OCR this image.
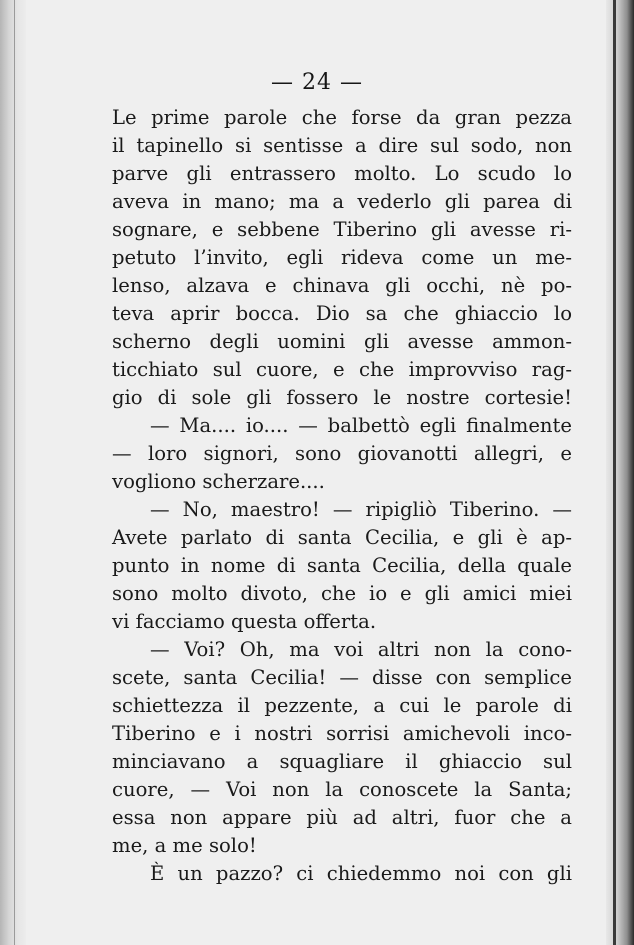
— 24 —
Le prime parole che forse da gran pezza
il tapinello si sentisse a dire sul sodo, non
parve gli entrassero molto. Lo scudo lo
aveva in mano; ma a vederlo gli parea di
sognare, e sebbene Tiberino gli avesse ri-
petuto l’invito, egli rideva come un me-
lenso, alzava e chinava gli occhi, nè po-
teva aprir bocca. Dio sa che ghiaccio lo
scherno degli uomini gli avesse ammon-
ticchiato sul cuore, e che improvviso rag-
gio di sole gli fossero le nostre cortesie!
— Ma.... io.... — balbettò egli finalmente
— loro signori, sono giovanotti allegri, e
vogliono scherzare....
— No, maestro! — ripigliò Tiberino. —
Avete parlato di santa Cecilia, e gli è ap-
punto in nome di santa Cecilia, della quale
sono molto divoto, che io e gli amici miei
vi facciamo questa offerta.
— Voi? Oh, ma voi altri non la cono-
scete, santa Cecilia! — disse con semplice
schiettezza il pezzente, a cui le parole di
Tiberino e i nostri sorrisi amichevoli inco-
minciavano a squagliare il ghiaccio sul
cuore, — Voi non la conoscete la Santa;
essa non appare più ad altri, fuor che a
me, a me solo!
È un pazzo? ci chiedemmo noi con gli
